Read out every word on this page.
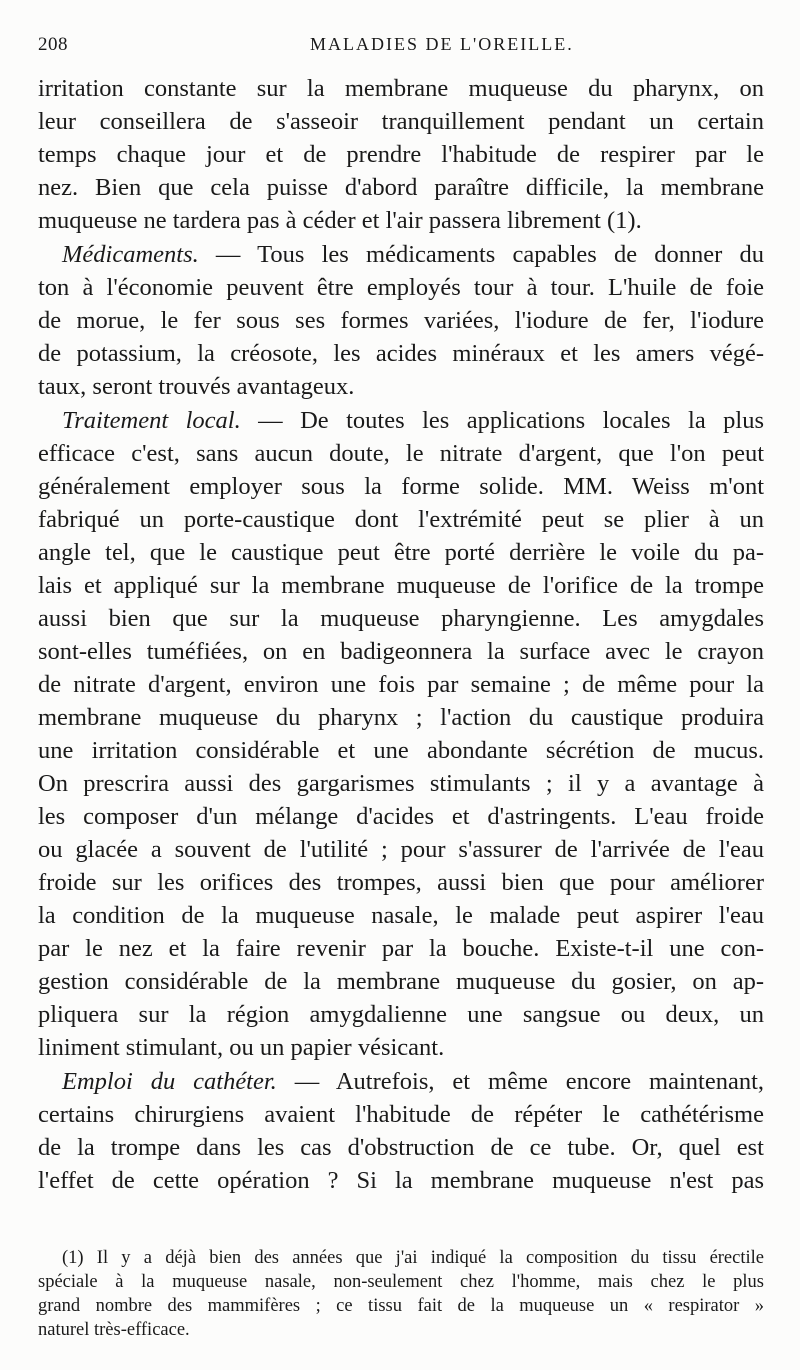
208	MALADIES DE L'OREILLE.
irritation constante sur la membrane muqueuse du pharynx, on
leur conseillera de s'asseoir tranquillement pendant un certain
temps chaque jour et de prendre l'habitude de respirer par le
nez. Bien que cela puisse d'abord paraître difficile, la membrane
muqueuse ne tardera pas à céder et l'air passera librement (1).
Médicaments. — Tous les médicaments capables de donner du
ton à l'économie peuvent être employés tour à tour. L'huile de foie
de morue, le fer sous ses formes variées, l'iodure de fer, l'iodure
de potassium, la créosote, les acides minéraux et les amers végé-
taux, seront trouvés avantageux.
Traitement local. — De toutes les applications locales la plus
efficace c'est, sans aucun doute, le nitrate d'argent, que l'on peut
généralement employer sous la forme solide. MM. Weiss m'ont
fabriqué un porte-caustique dont l'extrémité peut se plier à un
angle tel, que le caustique peut être porté derrière le voile du pa-
lais et appliqué sur la membrane muqueuse de l'orifice de la trompe
aussi bien que sur la muqueuse pharyngienne. Les amygdales
sont-elles tuméfiées, on en badigeonnera la surface avec le crayon
de nitrate d'argent, environ une fois par semaine ; de même pour la
membrane muqueuse du pharynx ; l'action du caustique produira
une irritation considérable et une abondante sécrétion de mucus.
On prescrira aussi des gargarismes stimulants ; il y a avantage à
les composer d'un mélange d'acides et d'astringents. L'eau froide
ou glacée a souvent de l'utilité ; pour s'assurer de l'arrivée de l'eau
froide sur les orifices des trompes, aussi bien que pour améliorer
la condition de la muqueuse nasale, le malade peut aspirer l'eau
par le nez et la faire revenir par la bouche. Existe-t-il une con-
gestion considérable de la membrane muqueuse du gosier, on ap-
pliquera sur la région amygdalienne une sangsue ou deux, un
liniment stimulant, ou un papier vésicant.
Emploi du cathéter. — Autrefois, et même encore maintenant,
certains chirurgiens avaient l'habitude de répéter le cathétérisme
de la trompe dans les cas d'obstruction de ce tube. Or, quel est
l'effet de cette opération ? Si la membrane muqueuse n'est pas
(1) Il y a déjà bien des années que j'ai indiqué la composition du tissu érectile
spéciale à la muqueuse nasale, non-seulement chez l'homme, mais chez le plus
grand nombre des mammifères ; ce tissu fait de la muqueuse un « respirator »
naturel très-efficace.
